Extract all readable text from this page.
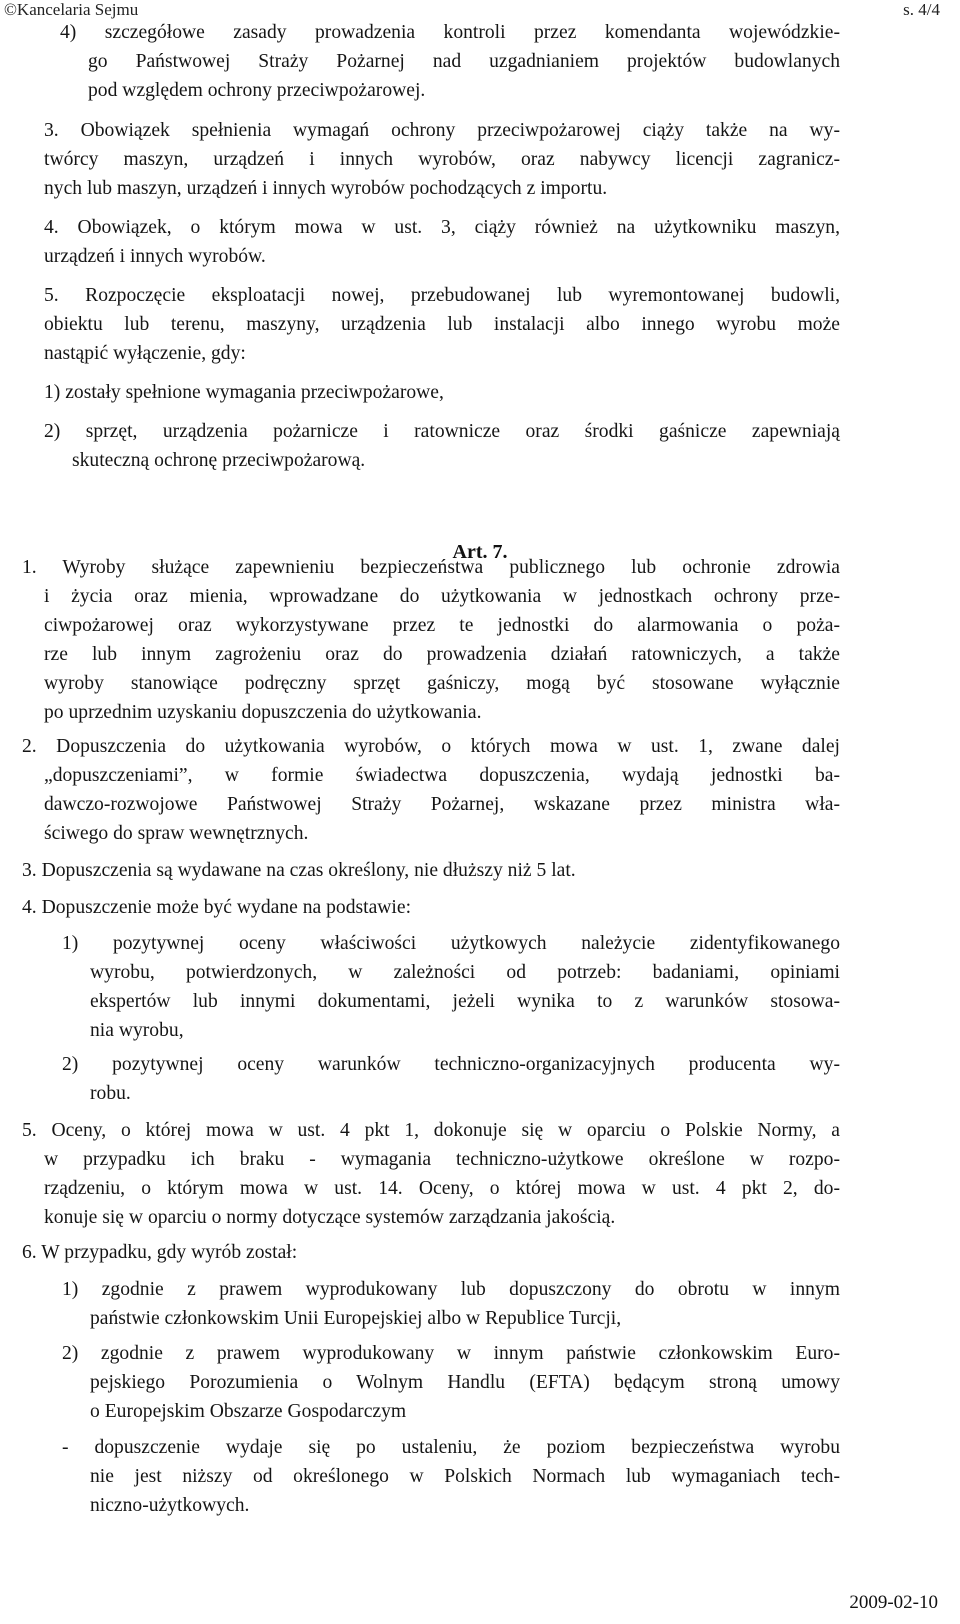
©Kancelaria Sejmu	s. 4/4
4) szczegółowe zasady prowadzenia kontroli przez komendanta wojewódzkie-
go Państwowej Straży Pożarnej nad uzgadnianiem projektów budowlanych
pod względem ochrony przeciwpożarowej.
3. Obowiązek spełnienia wymagań ochrony przeciwpożarowej ciąży także na wy-
twórcy maszyn, urządzeń i innych wyrobów, oraz nabywcy licencji zagranicz-
nych lub maszyn, urządzeń i innych wyrobów pochodzących z importu.
4. Obowiązek, o którym mowa w ust. 3, ciąży również na użytkowniku maszyn,
urządzeń i innych wyrobów.
5. Rozpoczęcie eksploatacji nowej, przebudowanej lub wyremontowanej budowli,
obiektu lub terenu, maszyny, urządzenia lub instalacji albo innego wyrobu może
nastąpić wyłączenie, gdy:
1) zostały spełnione wymagania przeciwpożarowe,
2) sprzęt, urządzenia pożarnicze i ratownicze oraz środki gaśnicze zapewniają
skuteczną ochronę przeciwpożarową.
Art. 7.
1. Wyroby służące zapewnieniu bezpieczeństwa publicznego lub ochronie zdrowia
i życia oraz mienia, wprowadzane do użytkowania w jednostkach ochrony prze-
ciwpożarowej oraz wykorzystywane przez te jednostki do alarmowania o poża-
rze lub innym zagrożeniu oraz do prowadzenia działań ratowniczych, a także
wyroby stanowiące podręczny sprzęt gaśniczy, mogą być stosowane wyłącznie
po uprzednim uzyskaniu dopuszczenia do użytkowania.
2. Dopuszczenia do użytkowania wyrobów, o których mowa w ust. 1, zwane dalej
„dopuszczeniami”, w formie świadectwa dopuszczenia, wydają jednostki ba-
dawczo-rozwojowe Państwowej Straży Pożarnej, wskazane przez ministra wła-
ściwego do spraw wewnętrznych.
3. Dopuszczenia są wydawane na czas określony, nie dłuższy niż 5 lat.
4. Dopuszczenie może być wydane na podstawie:
1) pozytywnej oceny właściwości użytkowych należycie zidentyfikowanego
wyrobu, potwierdzonych, w zależności od potrzeb: badaniami, opiniami
ekspertów lub innymi dokumentami, jeżeli wynika to z warunków stosowa-
nia wyrobu,
2) pozytywnej oceny warunków techniczno-organizacyjnych producenta wy-
robu.
5. Oceny, o której mowa w ust. 4 pkt 1, dokonuje się w oparciu o Polskie Normy, a
w przypadku ich braku - wymagania techniczno-użytkowe określone w rozpo-
rządzeniu, o którym mowa w ust. 14. Oceny, o której mowa w ust. 4 pkt 2, do-
konuje się w oparciu o normy dotyczące systemów zarządzania jakością.
6. W przypadku, gdy wyrób został:
1) zgodnie z prawem wyprodukowany lub dopuszczony do obrotu w innym
państwie członkowskim Unii Europejskiej albo w Republice Turcji,
2) zgodnie z prawem wyprodukowany w innym państwie członkowskim Euro-
pejskiego Porozumienia o Wolnym Handlu (EFTA) będącym stroną umowy
o Europejskim Obszarze Gospodarczym
- dopuszczenie wydaje się po ustaleniu, że poziom bezpieczeństwa wyrobu
nie jest niższy od określonego w Polskich Normach lub wymaganiach tech-
niczno-użytkowych.
2009-02-10
